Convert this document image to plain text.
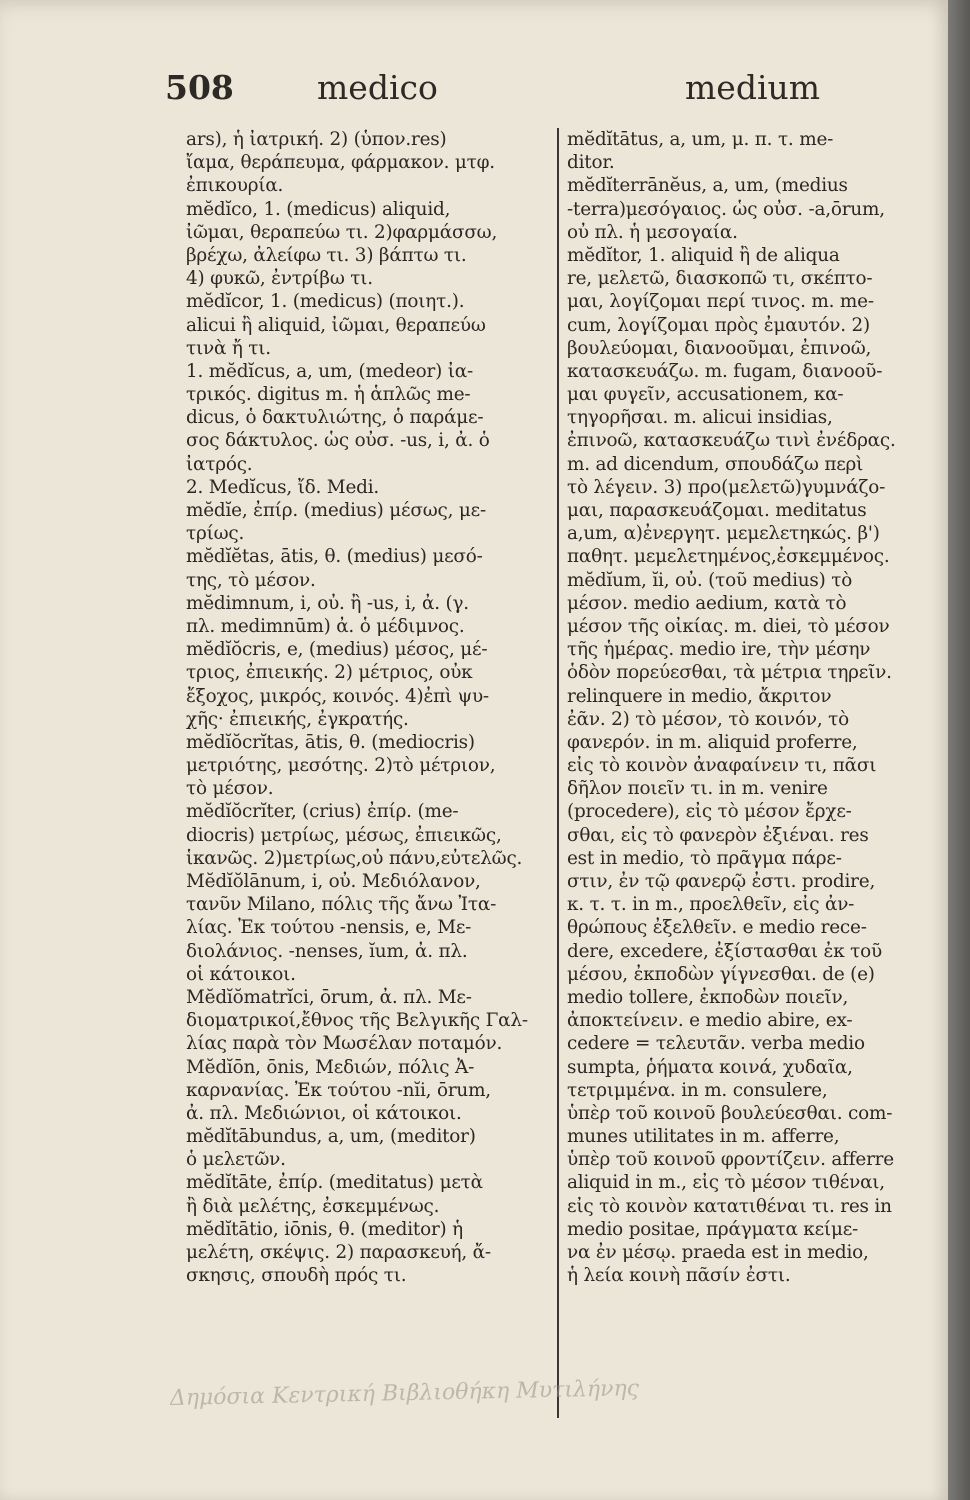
508	medico	medium
ars), ἡ ἰατρική. 2) (ὑπον.res)
ἴαμα, θεράπευμα, φάρμακον. μτφ.
ἐπικουρία.
mĕdĭco, 1. (medicus) aliquid,
ἰῶμαι, θεραπεύω τι. 2)φαρμάσσω,
βρέχω, ἀλείφω τι. 3) βάπτω τι.
4) φυκῶ, ἐντρίβω τι.
mĕdĭcor, 1. (medicus) (ποιητ.).
alicui ἢ aliquid, ἰῶμαι, θεραπεύω
τινὰ ἤ τι.
1. mĕdĭcus, a, um, (medeor) ἰα-
τρικός. digitus m. ἡ ἁπλῶς me-
dicus, ὁ δακτυλιώτης, ὁ παράμε-
σος δάκτυλος. ὡς οὐσ. -us, i, ἀ. ὁ
ἰατρός.
2. Medĭcus, ἴδ. Medi.
mĕdĭe, ἐπίρ. (medius) μέσως, με-
τρίως.
mĕdĭĕtas, ātis, θ. (medius) μεσό-
της, τὸ μέσον.
mĕdimnum, i, οὐ. ἢ -us, i, ἀ. (γ.
πλ. medimnūm) ἀ. ὁ μέδιμνος.
mĕdĭŏcris, e, (medius) μέσος, μέ-
τριος, ἐπιεικής. 2) μέτριος, οὐκ
ἔξοχος, μικρός, κοινός. 4)ἐπὶ ψυ-
χῆς· ἐπιεικής, ἐγκρατής.
mĕdĭŏcrĭtas, ātis, θ. (mediocris)
μετριότης, μεσότης. 2)τὸ μέτριον,
τὸ μέσον.
mĕdĭŏcrĭter, (crius) ἐπίρ. (me-
diocris) μετρίως, μέσως, ἐπιεικῶς,
ἱκανῶς. 2)μετρίως,οὐ πάνυ,εὐτελῶς.
Mĕdĭŏlānum, i, οὐ. Μεδιόλανον,
τανῦν Milano, πόλις τῆς ἄνω Ἰτα-
λίας. Ἐκ τούτου -nensis, e, Με-
διολάνιος. -nenses, ĭum, ἀ. πλ.
οἱ κάτοικοι.
Mĕdĭŏmatrĭci, ōrum, ἀ. πλ. Με-
διοματρικοί,ἔθνος τῆς Βελγικῆς Γαλ-
λίας παρὰ τὸν Μωσέλαν ποταμόν.
Mĕdĭōn, ōnis, Μεδιών, πόλις Ἀ-
καρνανίας. Ἐκ τούτου -nĭi, ōrum,
ἀ. πλ. Μεδιώνιοι, οἱ κάτοικοι.
mĕdĭtābundus, a, um, (meditor)
ὁ μελετῶν.
mĕdĭtāte, ἐπίρ. (meditatus) μετὰ
ἢ διὰ μελέτης, ἐσκεμμένως.
mĕdĭtātio, iōnis, θ. (meditor) ἡ
μελέτη, σκέψις. 2) παρασκευή, ἄ-
σκησις, σπουδὴ πρός τι.
mĕdĭtātus, a, um, μ. π. τ. me-
ditor.
mĕdĭterrānĕus, a, um, (medius
-terra)μεσόγαιος. ὡς οὐσ. -a,ōrum,
οὐ πλ. ἡ μεσογαία.
mĕdĭtor, 1. aliquid ἢ de aliqua
re, μελετῶ, διασκοπῶ τι, σκέπτο-
μαι, λογίζομαι περί τινος. m. me-
cum, λογίζομαι πρὸς ἐμαυτόν. 2)
βουλεύομαι, διανοοῦμαι, ἐπινοῶ,
κατασκευάζω. m. fugam, διανοοῦ-
μαι φυγεῖν, accusationem, κα-
τηγορῆσαι. m. alicui insidias,
ἐπινοῶ, κατασκευάζω τινὶ ἐνέδρας.
m. ad dicendum, σπουδάζω περὶ
τὸ λέγειν. 3) προ(μελετῶ)γυμνάζο-
μαι, παρασκευάζομαι. meditatus
a,um, α)ἐνεργητ. μεμελετηκώς. β')
παθητ. μεμελετημένος,ἐσκεμμένος.
mĕdĭum, ĭi, οὐ. (τοῦ medius) τὸ
μέσον. medio aedium, κατὰ τὸ
μέσον τῆς οἰκίας. m. diei, τὸ μέσον
τῆς ἡμέρας. medio ire, τὴν μέσην
ὁδὸν πορεύεσθαι, τὰ μέτρια τηρεῖν.
relinquere in medio, ἄκριτον
ἐᾶν. 2) τὸ μέσον, τὸ κοινόν, τὸ
φανερόν. in m. aliquid proferre,
εἰς τὸ κοινὸν ἀναφαίνειν τι, πᾶσι
δῆλον ποιεῖν τι. in m. venire
(procedere), εἰς τὸ μέσον ἔρχε-
σθαι, εἰς τὸ φανερὸν ἐξιέναι. res
est in medio, τὸ πρᾶγμα πάρε-
στιν, ἐν τῷ φανερῷ ἐστι. prodire,
κ. τ. τ. in m., προελθεῖν, εἰς ἀν-
θρώπους ἐξελθεῖν. e medio rece-
dere, excedere, ἐξίστασθαι ἐκ τοῦ
μέσου, ἐκποδὼν γίγνεσθαι. de (e)
medio tollere, ἐκποδὼν ποιεῖν,
ἀποκτείνειν. e medio abire, ex-
cedere = τελευτᾶν. verba medio
sumpta, ῥήματα κοινά, χυδαῖα,
τετριμμένα. in m. consulere,
ὑπὲρ τοῦ κοινοῦ βουλεύεσθαι. com-
munes utilitates in m. afferre,
ὑπὲρ τοῦ κοινοῦ φροντίζειν. afferre
aliquid in m., εἰς τὸ μέσον τιθέναι,
εἰς τὸ κοινὸν κατατιθέναι τι. res in
medio positae, πράγματα κείμε-
να ἐν μέσῳ. praeda est in medio,
ἡ λεία κοινὴ πᾶσίν ἐστι.
Δημόσια Κεντρική Βιβλιοθήκη Μυτιλήνης
